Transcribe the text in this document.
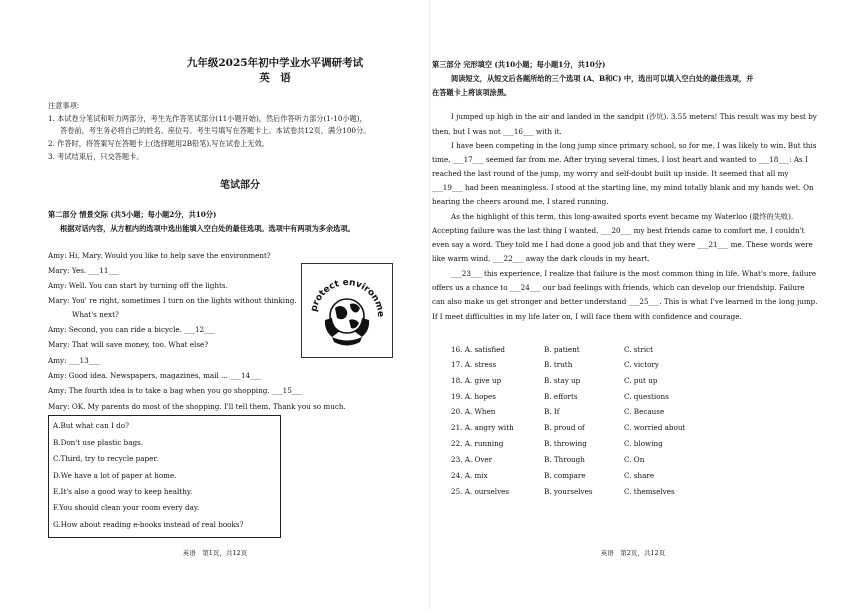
九年级2025年初中学业水平调研考试
英　语
注意事项:
1. 本试卷分笔试和听力两部分，考生先作答笔试部分(11小题开始)，然后作答听力部分(1-10小题)，
答卷前，考生务必将自己的姓名、座位号、考生号填写在答题卡上。本试卷共12页，满分100分。
2. 作答时，将答案写在答题卡上(选择题用2B铅笔),写在试卷上无效。
3. 考试结束后，只交答题卡。
笔试部分
第二部分 情景交际 (共5小题；每小题2分，共10分)
根据对话内容，从方框内的选项中选出能填入空白处的最佳选项。选项中有两项为多余选项。
Amy: Hi, Mary. Would you like to help save the environment?
Mary: Yes. ___11___
Amy: Well. You can start by turning off the lights.
Mary: You' re right, sometimes I turn on the lights without thinking.
What's next?
Amy: Second, you can ride a bicycle. ___12___
Mary: That will save money, too. What else?
Amy: ___13___
Amy: Good idea. Newspapers, magazines, mail ... ___14___
Amy: The fourth idea is to take a bag when you go shopping. ___15___
Mary: OK. My parents do most of the shopping. I'll tell them. Thank you so much.
protect environme
A.But what can I do?
B.Don't use plastic bags.
C.Third, try to recycle paper.
D.We have a lot of paper at home.
E.It's also a good way to keep healthy.
F.You should clean your room every day.
G.How about reading e-books instead of real books?
英语　第1页，共12页
第三部分 完形填空 (共10小题；每小题1分，共10分)
阅读短文，从短文后各题所给的三个选项 (A、B和C) 中，选出可以填入空白处的最佳选项，并
在答题卡上将该项涂黑。
I jumped up high in the air and landed in the sandpit (沙坑). 3.55 meters! This result was my best by
then, but I was not ___16___ with it.
I have been competing in the long jump since primary school, so for me, I was likely to win. But this
time, ___17___ seemed far from me. After trying several times, I lost heart and wanted to ___18___: As I
reached the last round of the jump, my worry and self-doubt built up inside. It seemed that all my
___19___ had been meaningless. I stood at the starting line, my mind totally blank and my hands wet. On
hearing the cheers around me, I stared running.
As the highlight of this term, this long-awaited sports event became my Waterloo (最终的失败).
Accepting failure was the last thing I wanted. ___20___ my best friends came to comfort me, I couldn't
even say a word. They told me I had done a good job and that they were ___21___ me. These words were
like warm wind, ___22___ away the dark clouds in my heart.
___23___ this experience, I realize that failure is the most common thing in life. What's more, failure
offers us a chance to ___24___ our bad feelings with friends, which can develop our friendship. Failure
can also make us get stronger and better understand ___25___. This is what I've learned in the long jump.
If I meet difficulties in my life later on, I will face them with confidence and courage.
16. A. satisfied	B. patient	C. strict
17. A. stress	B. truth	C. victory
18. A. give up	B. stay up	C. put up
19. A. hopes	B. efforts	C. questions
20. A. When	B. If	C. Because
21. A. angry with	B. proud of	C. worried about
22. A. running	B. throwing	C. blowing
23. A. Over	B. Through	C. On
24. A. mix	B. compare	C. share
25. A. ourselves	B. yourselves	C. themselves
英语　第2页，共12页
